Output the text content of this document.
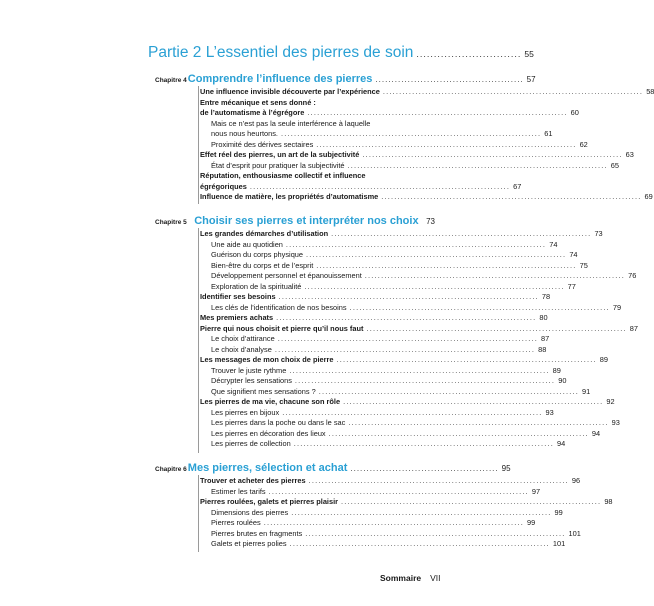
Partie 2 L’essentiel des pierres de soin .............................. 55
Chapitre 4 Comprendre l’influence des pierres .............................................. 57
Une influence invisible découverte par l’expérience ................................................................................ 58
Entre mécanique et sens donné :
de l’automatisme à l’égrégore ................................................................................ 60
Mais ce n’est pas la seule interférence à laquelle
nous nous heurtons. ................................................................................ 61
Proximité des dérives sectaires ................................................................................ 62
Effet réel des pierres, un art de la subjectivité ................................................................................ 63
État d’esprit pour pratiquer la subjectivité ................................................................................ 65
Réputation, enthousiasme collectif et influence
égrégoriques ................................................................................ 67
Influence de matière, les propriétés d’automatisme ................................................................................ 69
Chapitre 5 Choisir ses pierres et interpréter nos choix 73
Les grandes démarches d’utilisation ................................................................................ 73
Une aide au quotidien ................................................................................ 74
Guérison du corps physique ................................................................................ 74
Bien-être du corps et de l’esprit ................................................................................ 75
Développement personnel et épanouissement ................................................................................ 76
Exploration de la spiritualité ................................................................................ 77
Identifier ses besoins ................................................................................ 78
Les clés de l’identification de nos besoins ................................................................................ 79
Mes premiers achats ................................................................................ 80
Pierre qui nous choisit et pierre qu’il nous faut ................................................................................ 87
Le choix d’attirance ................................................................................ 87
Le choix d’analyse ................................................................................ 88
Les messages de mon choix de pierre ................................................................................ 89
Trouver le juste rythme ................................................................................ 89
Décrypter les sensations ................................................................................ 90
Que signifient mes sensations ? ................................................................................ 91
Les pierres de ma vie, chacune son rôle ................................................................................ 92
Les pierres en bijoux ................................................................................ 93
Les pierres dans la poche ou dans le sac ................................................................................ 93
Les pierres en décoration des lieux ................................................................................ 94
Les pierres de collection ................................................................................ 94
Chapitre 6 Mes pierres, sélection et achat .............................................. 95
Trouver et acheter des pierres ................................................................................ 96
Estimer les tarifs ................................................................................ 97
Pierres roulées, galets et pierres plaisir ................................................................................ 98
Dimensions des pierres ................................................................................ 99
Pierres roulées ................................................................................ 99
Pierres brutes en fragments ................................................................................ 101
Galets et pierres polies ................................................................................ 101
Sommaire VII
